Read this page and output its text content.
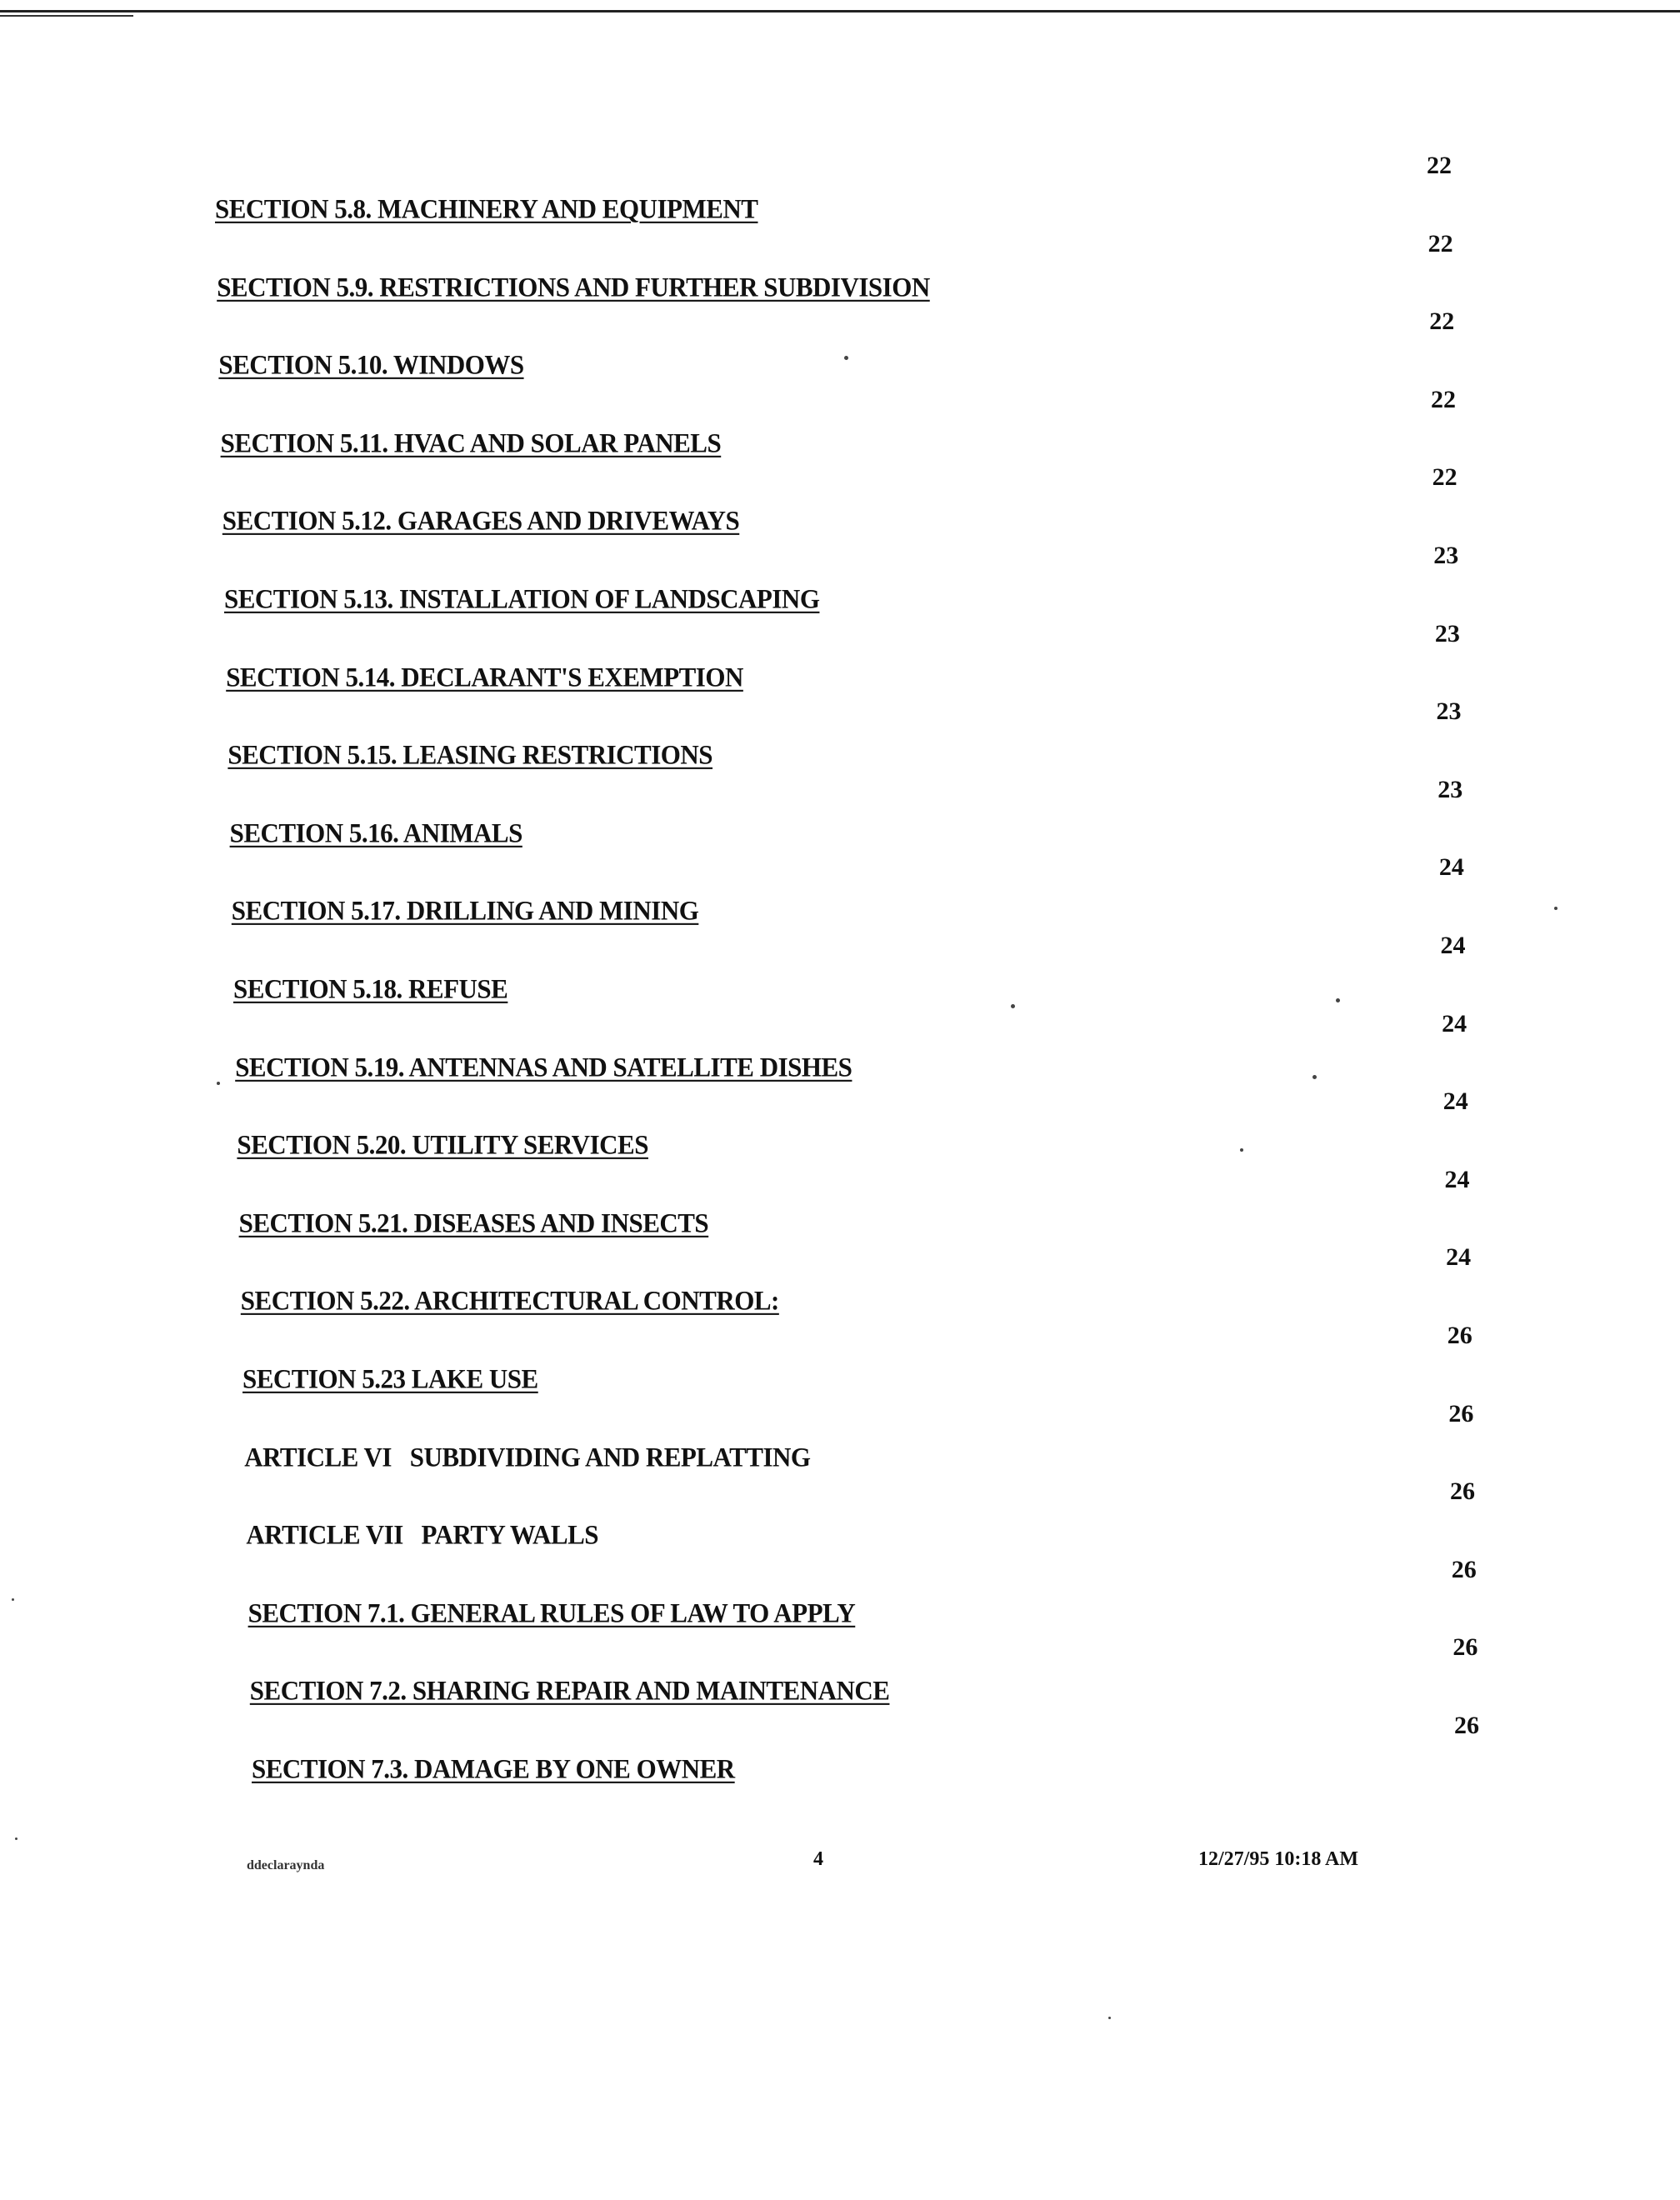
SECTION 5.8. MACHINERY AND EQUIPMENT
22
SECTION 5.9. RESTRICTIONS AND FURTHER SUBDIVISION
22
SECTION 5.10. WINDOWS
22
SECTION 5.11. HVAC AND SOLAR PANELS
22
SECTION 5.12. GARAGES AND DRIVEWAYS
22
SECTION 5.13. INSTALLATION OF LANDSCAPING
23
SECTION 5.14. DECLARANT'S EXEMPTION
23
SECTION 5.15. LEASING RESTRICTIONS
23
SECTION 5.16. ANIMALS
23
SECTION 5.17. DRILLING AND MINING
24
SECTION 5.18. REFUSE
24
SECTION 5.19. ANTENNAS AND SATELLITE DISHES
24
SECTION 5.20. UTILITY SERVICES
24
SECTION 5.21. DISEASES AND INSECTS
24
SECTION 5.22. ARCHITECTURAL CONTROL:
24
SECTION 5.23 LAKE USE
26
ARTICLE VI   SUBDIVIDING AND REPLATTING
26
ARTICLE VII   PARTY WALLS
26
SECTION 7.1. GENERAL RULES OF LAW TO APPLY
26
SECTION 7.2. SHARING REPAIR AND MAINTENANCE
26
SECTION 7.3. DAMAGE BY ONE OWNER
26
ddeclaraynda	4	12/27/95 10:18 AM
